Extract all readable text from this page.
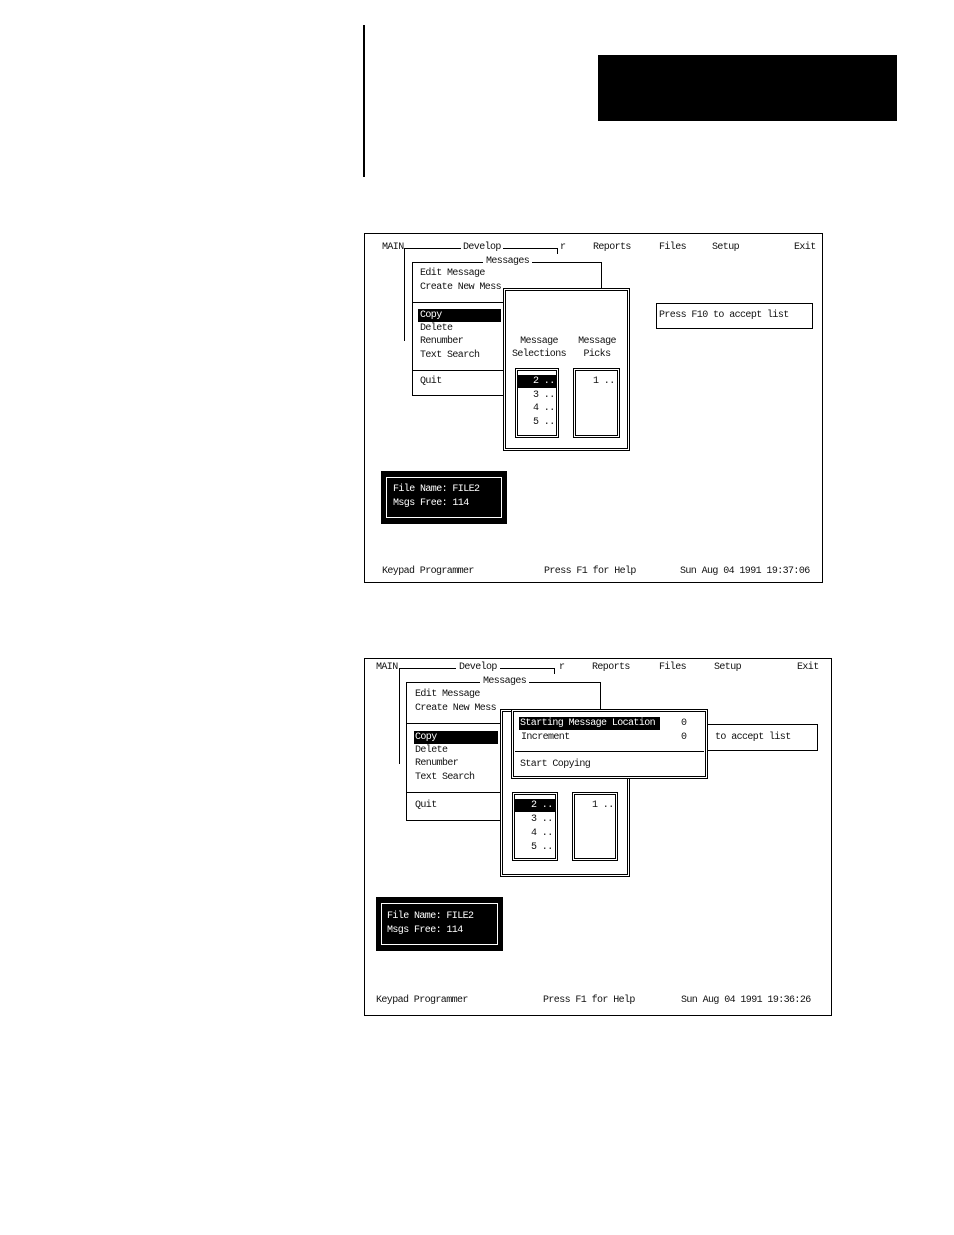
MAIN	Develop	r	Reports	Files	Setup	Exit
Messages
Edit Message
Create New Mess
Copy
Delete
Renumber
Text Search
Quit
Message
Selections
Message
Picks
2 ..
3 ..
4 ..
5 ..
1 ..
Press F10 to accept list
File Name: FILE2
Msgs Free: 114
Keypad Programmer	Press F1 for Help	Sun Aug 04 1991 19:37:06
MAIN	Develop	r	Reports	Files	Setup	Exit
Messages
Edit Message
Create New Mess
Copy
Delete
Renumber
Text Search
Quit	2 ..
3 ..
4 ..
5 ..
1 ..
to accept list
Starting Message Location	0
Increment	0
Start Copying
File Name: FILE2
Msgs Free: 114
Keypad Programmer	Press F1 for Help	Sun Aug 04 1991 19:36:26
